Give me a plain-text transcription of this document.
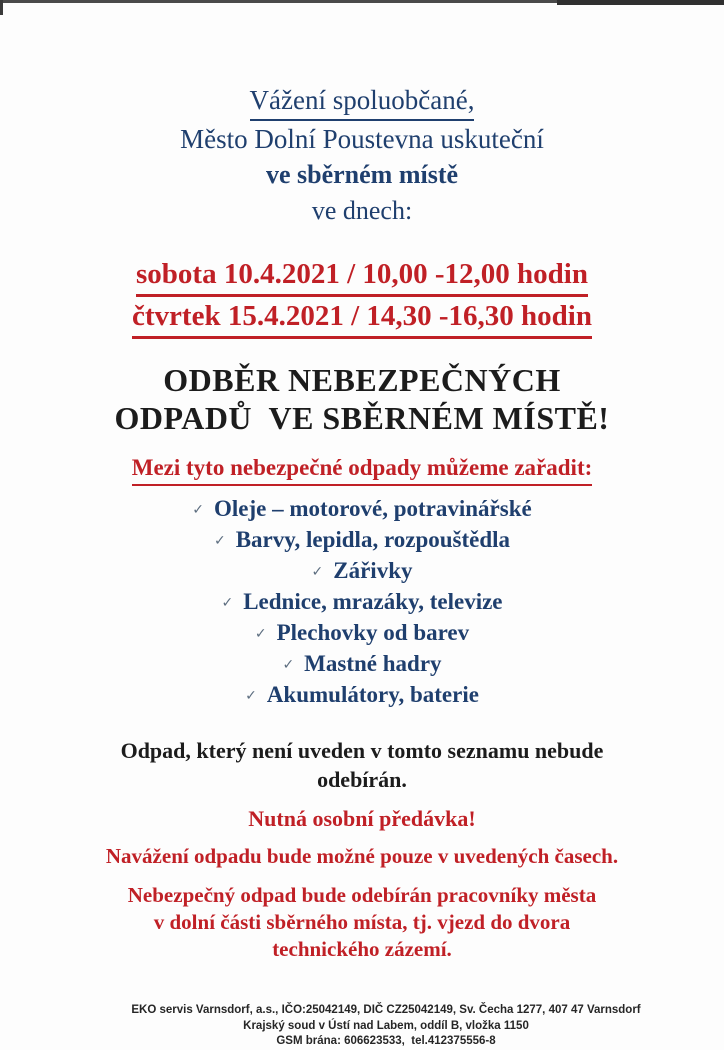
Vážení spoluobčané,
Město Dolní Poustevna uskuteční
ve sběrném místě
ve dnech:
sobota 10.4.2021 / 10,00 -12,00 hodin
čtvrtek 15.4.2021 / 14,30 -16,30 hodin
ODBĚR NEBEZPEČNÝCH
ODPADŮ  VE SBĚRNÉM MÍSTĚ!
Mezi tyto nebezpečné odpady můžeme zařadit:
✓ Oleje – motorové, potravinářské
✓ Barvy, lepidla, rozpouštědla
✓ Zářivky
✓ Lednice, mrazáky, televize
✓ Plechovky od barev
✓ Mastné hadry
✓ Akumulátory, baterie
Odpad, který není uveden v tomto seznamu nebude
odebírán.
Nutná osobní předávka!
Navážení odpadu bude možné pouze v uvedených časech.
Nebezpečný odpad bude odebírán pracovníky města
v dolní části sběrného místa, tj. vjezd do dvora
technického zázemí.
EKO servis Varnsdorf, a.s., IČO:25042149, DIČ CZ25042149, Sv. Čecha 1277, 407 47 Varnsdorf
Krajský soud v Ústí nad Labem, oddíl B, vložka 1150
GSM brána: 606623533,  tel.412375556-8
